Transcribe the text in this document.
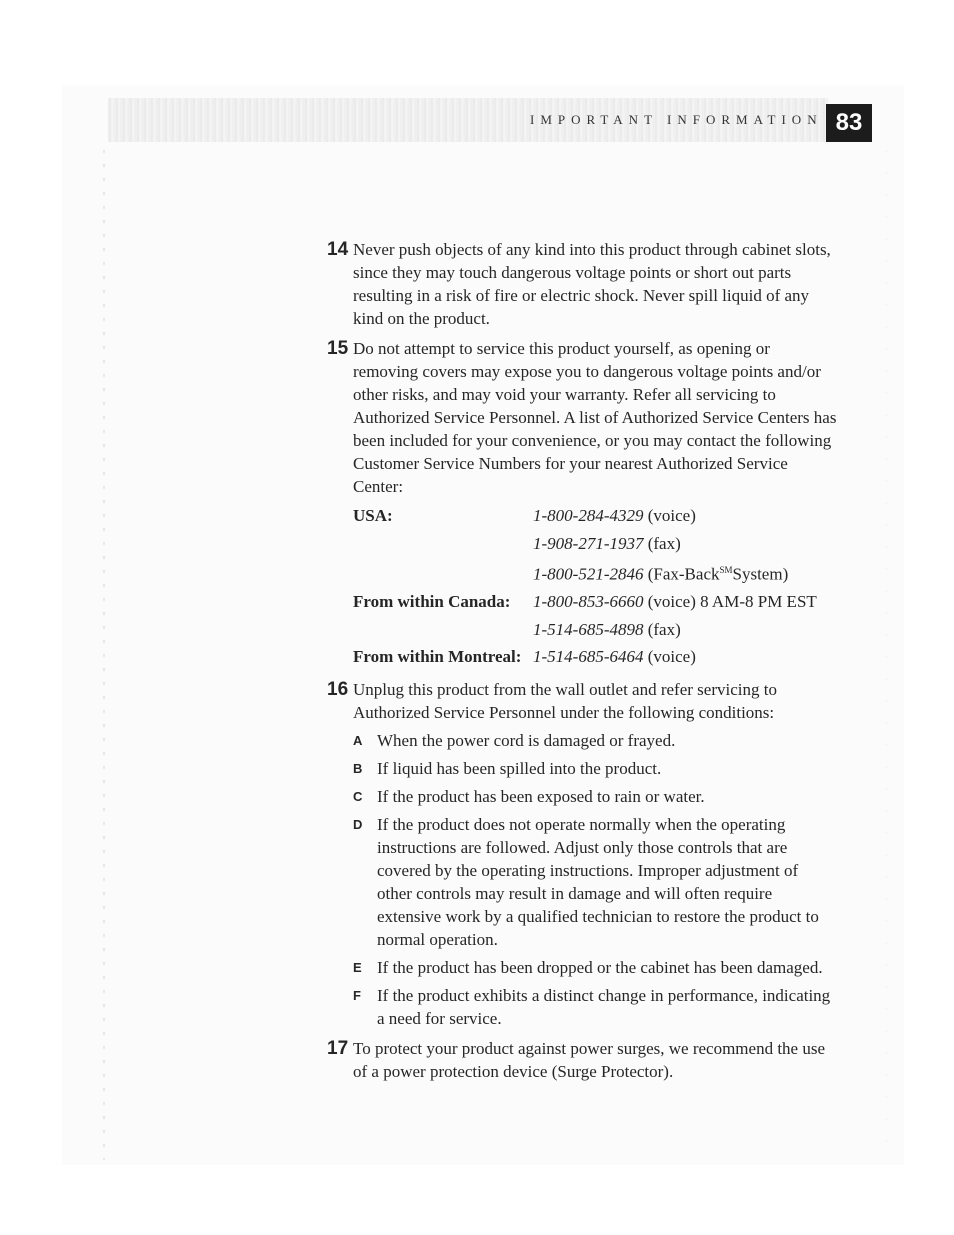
IMPORTANT INFORMATION 83
14 Never push objects of any kind into this product through cabinet slots, since they may touch dangerous voltage points or short out parts resulting in a risk of fire or electric shock. Never spill liquid of any kind on the product.
15 Do not attempt to service this product yourself, as opening or removing covers may expose you to dangerous voltage points and/or other risks, and may void your warranty. Refer all servicing to Authorized Service Personnel. A list of Authorized Service Centers has been included for your convenience, or you may contact the following Customer Service Numbers for your nearest Authorized Service Center:
USA:	1-800-284-4329 (voice)
	1-908-271-1937 (fax)
	1-800-521-2846 (Fax-Back℠System)
From within Canada:	1-800-853-6660 (voice) 8 AM-8 PM EST
	1-514-685-4898 (fax)
From within Montreal:	1-514-685-6464 (voice)
16 Unplug this product from the wall outlet and refer servicing to Authorized Service Personnel under the following conditions:
A When the power cord is damaged or frayed.
B If liquid has been spilled into the product.
C If the product has been exposed to rain or water.
D If the product does not operate normally when the operating instructions are followed. Adjust only those controls that are covered by the operating instructions. Improper adjustment of other controls may result in damage and will often require extensive work by a qualified technician to restore the product to normal operation.
E If the product has been dropped or the cabinet has been damaged.
F If the product exhibits a distinct change in performance, indicating a need for service.
17 To protect your product against power surges, we recommend the use of a power protection device (Surge Protector).
